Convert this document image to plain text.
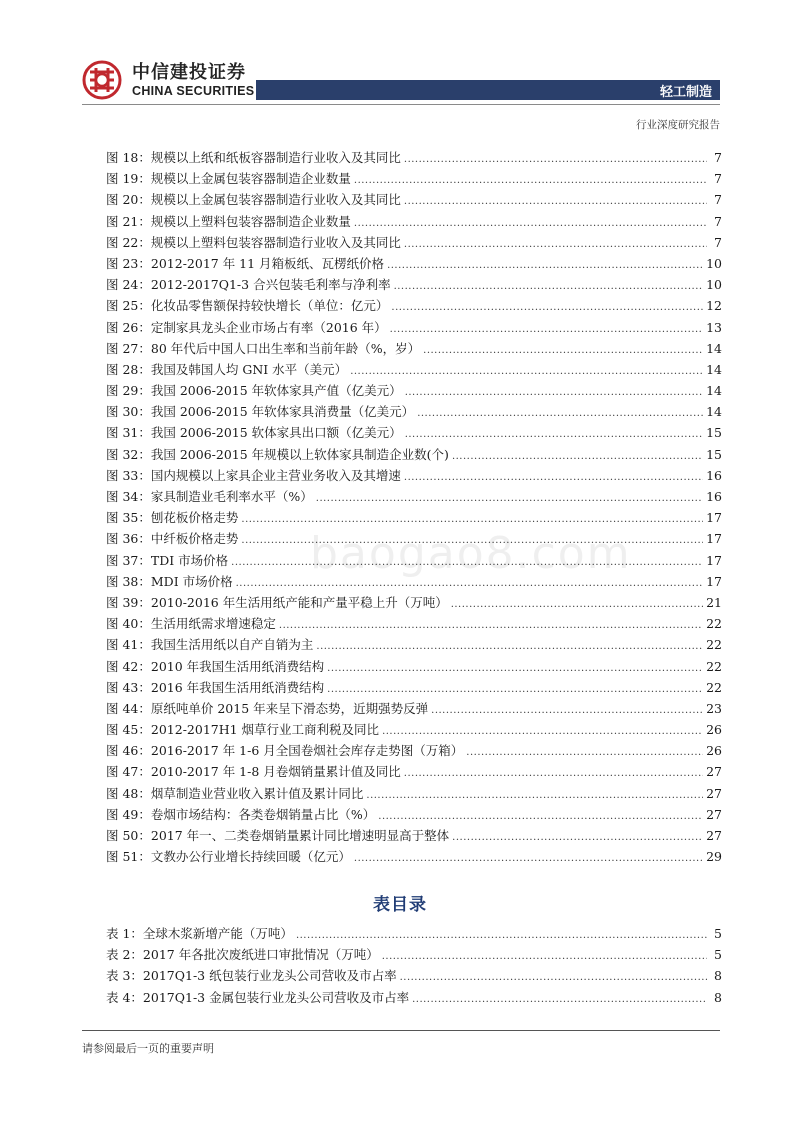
中信建投证券
CHINA SECURITIES	轻工制造
行业深度研究报告
baogao8.com
图 18：规模以上纸和纸板容器制造行业收入及其同比 .....	7
图 19：规模以上金属包装容器制造企业数量 .....	7
图 20：规模以上金属包装容器制造行业收入及其同比 .....	7
图 21：规模以上塑料包装容器制造企业数量 .....	7
图 22：规模以上塑料包装容器制造行业收入及其同比 .....	7
图 23：2012-2017 年 11 月箱板纸、瓦楞纸价格 .....	10
图 24：2012-2017Q1-3 合兴包装毛利率与净利率 .....	10
图 25：化妆品零售额保持较快增长（单位：亿元） .....	12
图 26：定制家具龙头企业市场占有率（2016 年） .....	13
图 27：80 年代后中国人口出生率和当前年龄（%，岁） .....	14
图 28：我国及韩国人均 GNI 水平（美元） .....	14
图 29：我国 2006-2015 年软体家具产值（亿美元） .....	14
图 30：我国 2006-2015 年软体家具消费量（亿美元） .....	14
图 31：我国 2006-2015 软体家具出口额（亿美元） .....	15
图 32：我国 2006-2015 年规模以上软体家具制造企业数(个) .....	15
图 33：国内规模以上家具企业主营业务收入及其增速 .....	16
图 34：家具制造业毛利率水平（%） .....	16
图 35：刨花板价格走势 .....	17
图 36：中纤板价格走势 .....	17
图 37：TDI 市场价格 .....	17
图 38：MDI 市场价格 .....	17
图 39：2010-2016 年生活用纸产能和产量平稳上升（万吨） .....	21
图 40：生活用纸需求增速稳定 .....	22
图 41：我国生活用纸以自产自销为主 .....	22
图 42：2010 年我国生活用纸消费结构 .....	22
图 43：2016 年我国生活用纸消费结构 .....	22
图 44：原纸吨单价 2015 年来呈下滑态势，近期强势反弹 .....	23
图 45：2012-2017H1 烟草行业工商利税及同比 .....	26
图 46：2016-2017 年 1-6 月全国卷烟社会库存走势图（万箱） .....	26
图 47：2010-2017 年 1-8 月卷烟销量累计值及同比 .....	27
图 48：烟草制造业营业收入累计值及累计同比 .....	27
图 49：卷烟市场结构：各类卷烟销量占比（%） .....	27
图 50：2017 年一、二类卷烟销量累计同比增速明显高于整体 .....	27
图 51：文教办公行业增长持续回暖（亿元） .....	29
表目录
表 1：全球木浆新增产能（万吨） .....	5
表 2：2017 年各批次废纸进口审批情况（万吨） .....	5
表 3：2017Q1-3 纸包装行业龙头公司营收及市占率 .....	8
表 4：2017Q1-3 金属包装行业龙头公司营收及市占率 .....	8
请参阅最后一页的重要声明
